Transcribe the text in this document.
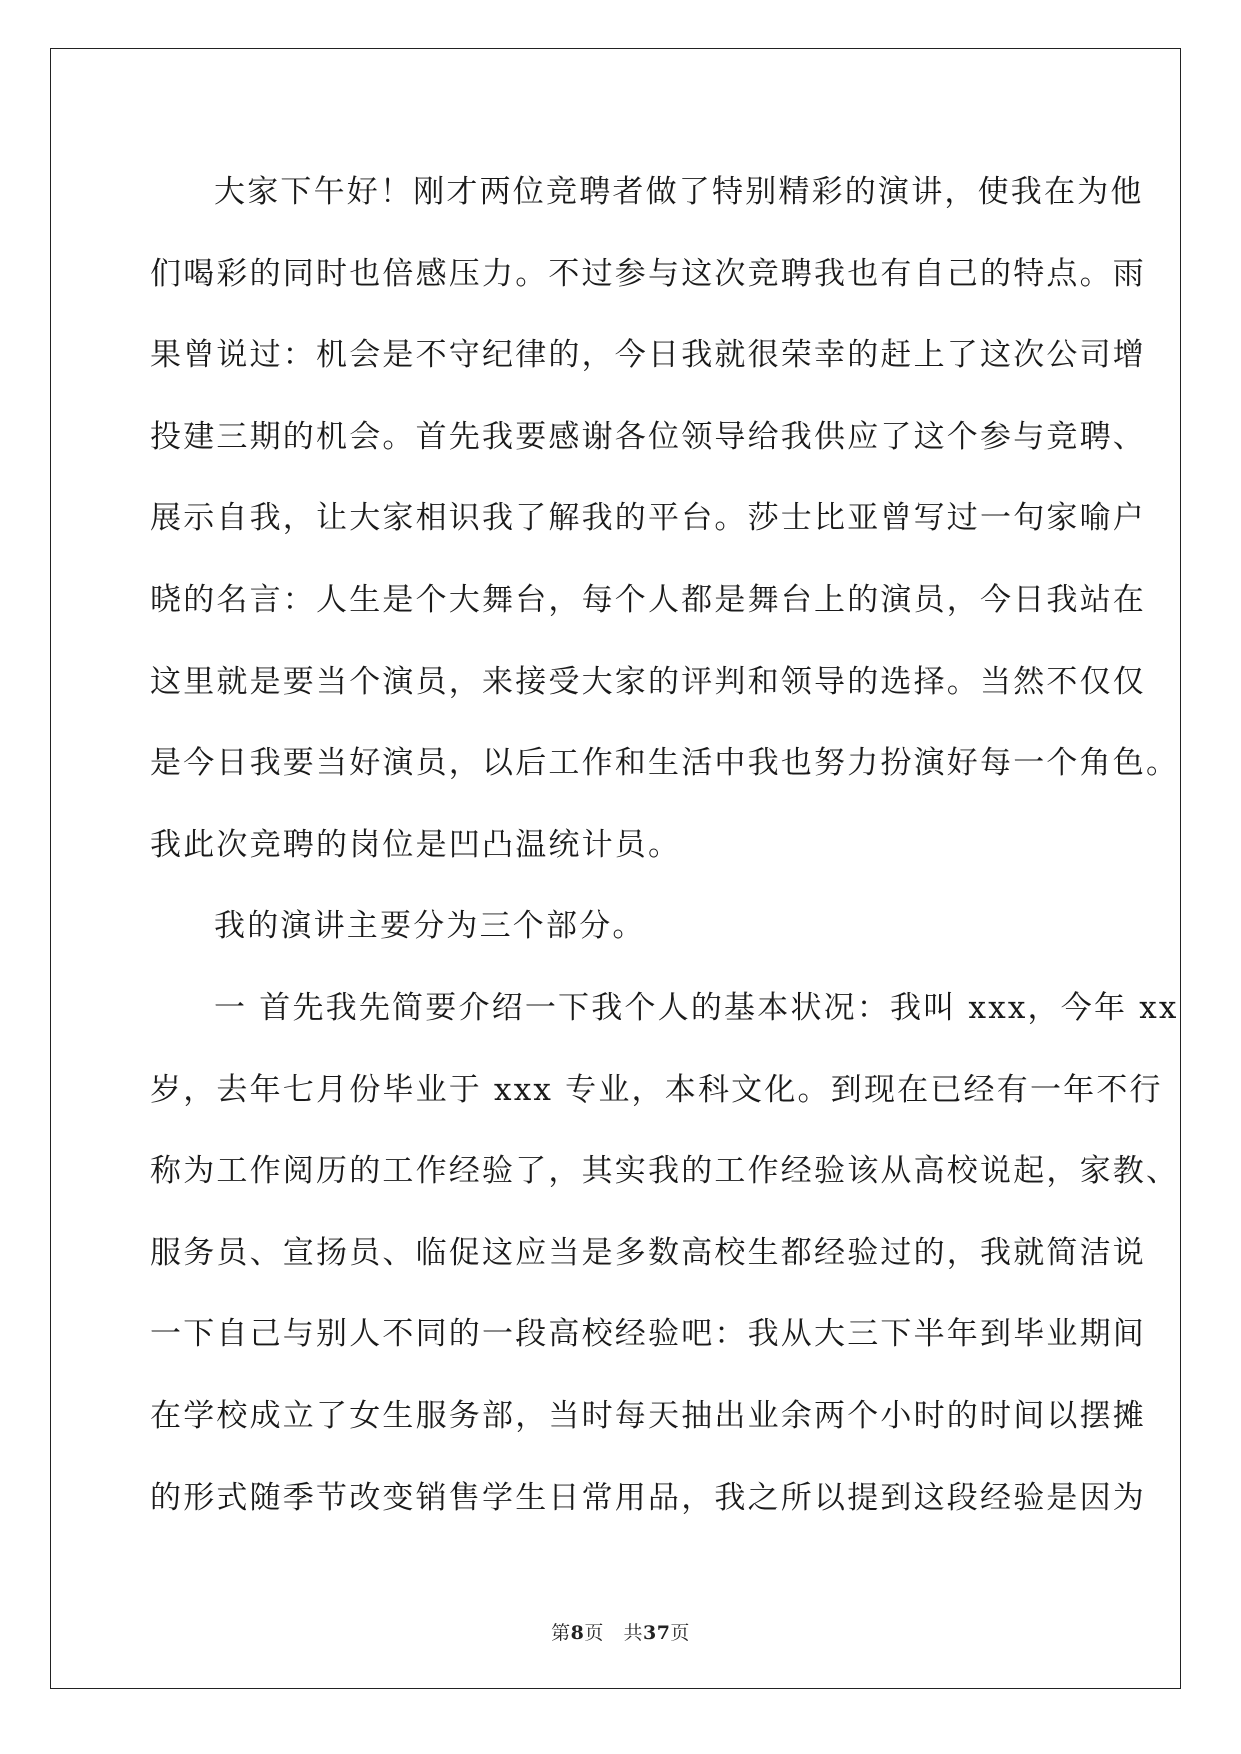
大家下午好！刚才两位竞聘者做了特别精彩的演讲，使我在为他
们喝彩的同时也倍感压力。不过参与这次竞聘我也有自己的特点。雨
果曾说过：机会是不守纪律的，今日我就很荣幸的赶上了这次公司增
投建三期的机会。首先我要感谢各位领导给我供应了这个参与竞聘、
展示自我，让大家相识我了解我的平台。莎士比亚曾写过一句家喻户
晓的名言：人生是个大舞台，每个人都是舞台上的演员，今日我站在
这里就是要当个演员，来接受大家的评判和领导的选择。当然不仅仅
是今日我要当好演员，以后工作和生活中我也努力扮演好每一个角色。
我此次竞聘的岗位是凹凸温统计员。
我的演讲主要分为三个部分。
一 首先我先简要介绍一下我个人的基本状况：我叫 xxx，今年 xx
岁，去年七月份毕业于 xxx 专业，本科文化。到现在已经有一年不行
称为工作阅历的工作经验了，其实我的工作经验该从高校说起，家教、
服务员、宣扬员、临促这应当是多数高校生都经验过的，我就简洁说
一下自己与别人不同的一段高校经验吧：我从大三下半年到毕业期间
在学校成立了女生服务部，当时每天抽出业余两个小时的时间以摆摊
的形式随季节改变销售学生日常用品，我之所以提到这段经验是因为
第8页 共37页
